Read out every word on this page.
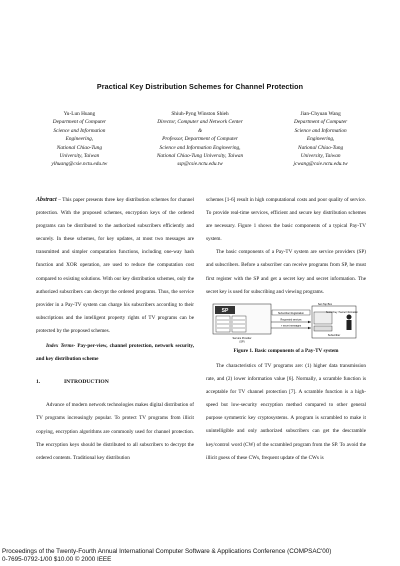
Practical Key Distribution Schemes for Channel Protection
Yu-Lun Huang
Department of Computer
Science and Information
Engineering,
National Chiao-Tung
University, Taiwan
ylhuang@csie.nctu.edu.tw
Shiuh-Pyng Winston Shieh
Director, Computer and Network Center
&
Professor, Department of Computer
Science and Information Engineering,
National Chiao-Tung University, Taiwan
ssp@csie.nctu.edu.tw
Jian-Chyuan Wang
Department of Computer
Science and Information
Engineering,
National Chiao-Tung
University, Taiwan
jcwang@csie.nctu.edu.tw

Abstract – This paper presents three key distribution schemes for channel protection. With the proposed schemes, encryption keys of the ordered programs can be distributed to the authorized subscribers efficiently and securely. In these schemes, for key updates, at most two messages are transmitted and simpler computation functions, including one-way hash function and XOR operation, are used to reduce the computation cost compared to existing solutions. With our key distribution schemes, only the authorized subscribers can decrypt the ordered programs. Thus, the service provider in a Pay-TV system can charge his subscribers according to their subscriptions and the intelligent property rights of TV programs can be protected by the proposed schemes.

Index Terms- Pay-per-view, channel protection, network security, and key distribution scheme

1.	INTRODUCTION

Advance of modern network technologies makes digital distribution of TV programs increasingly popular. To protect TV programs from illicit copying, encryption algorithms are commonly used for channel protection. The encryption keys should be distributed to all subscribers to decrypt the ordered contents. Traditional key distribution

schemes [1-6] result in high computational costs and poor quality of service. To provide real-time services, efficient and secure key distribution schemes are necessary. Figure 1 shows the basic components of a typical Pay-TV system.

The basic components of a Pay-TV system are service providers (SP) and subscribers. Before a subscriber can receive programs from SP, he must first register with the SP and get a secret key and secret information. The secret key is used for subscribing and viewing programs.

SP
Service Provider
(SP)
Subscriber Registration
Requested services
+ secret messages
Set-Top Box
Secret Key / Secret Information
Subscriber
Figure 1. Basic components of a Pay-TV system

The characteristics of TV programs are: (1) higher data transmission rate, and (2) lower information value [6]. Normally, a scramble function is acceptable for TV channel protection [7]. A scramble function is a high-speed but low-security encryption method compared to other general purpose symmetric key cryptosystems. A program is scrambled to make it unintelligible and only authorized subscribers can get the descramble key/control word (CW) of the scrambled program from the SP. To avoid the illicit guess of these CWs, frequent update of the CWs is

Proceedings of the Twenty-Fourth Annual International Computer Software & Applications Conference (COMPSAC'00)
0-7695-0792-1/00 $10.00 © 2000 IEEE
